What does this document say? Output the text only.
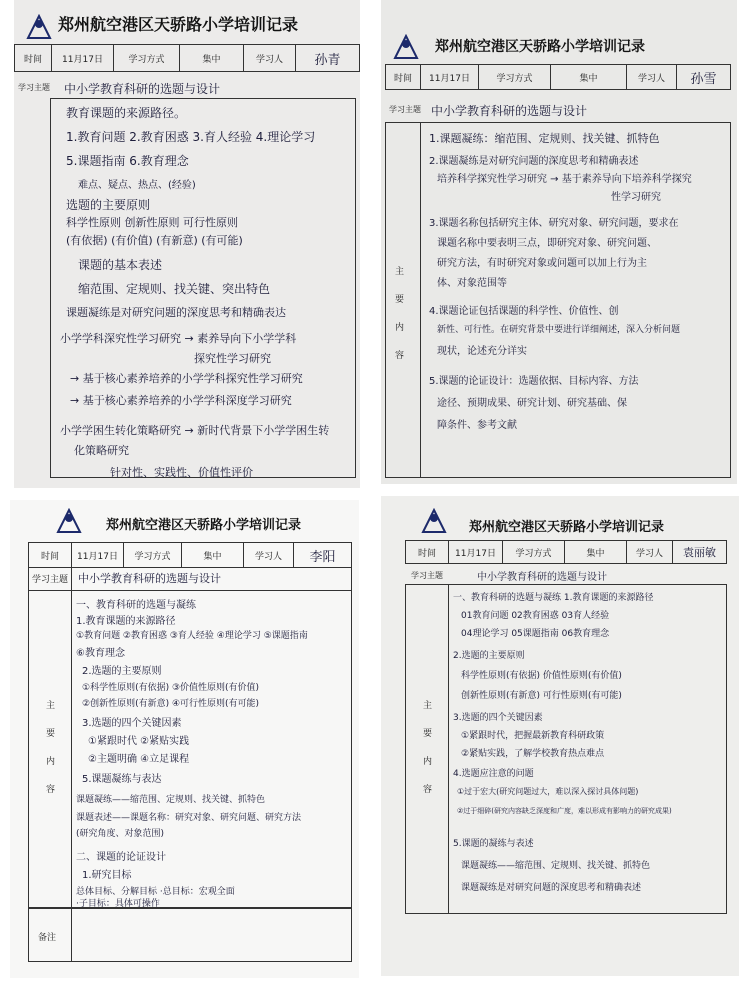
郑州航空港区天骄路小学培训记录
时间	11月17日	学习方式	集中	学习人	孙青
学习主题 中小学教育科研的选题与设计
教育课题的来源路径。
1.教育问题 2.教育困惑 3.育人经验 4.理论学习
5.课题指南 6.教育理念
难点、疑点、热点、(经验)
选题的主要原则
科学性原则 创新性原则 可行性原则
(有依据) (有价值) (有新意) (有可能)
课题的基本表述
缩范围、定规则、找关键、突出特色
课题凝练是对研究问题的深度思考和精确表达
小学学科深究性学习研究 → 素养导向下小学学科
探究性学习研究
→ 基于核心素养培养的小学学科探究性学习研究
→ 基于核心素养培养的小学学科深度学习研究
小学学困生转化策略研究 → 新时代背景下小学学困生转
化策略研究
针对性、实践性、价值性评价
郑州航空港区天骄路小学培训记录
时间	11月17日	学习方式	集中	学习人	孙雪
学习主题 中小学教育科研的选题与设计
主
要
内
容
1.课题凝练：缩范围、定规则、找关键、抓特色
2.课题凝练是对研究问题的深度思考和精确表述
培养科学探究性学习研究 → 基于素养导向下培养科学探究
性学习研究
3.课题名称包括研究主体、研究对象、研究问题，要求在
课题名称中要表明三点，即研究对象、研究问题、
研究方法，有时研究对象或问题可以加上行为主
体、对象范围等
4.课题论证包括课题的科学性、价值性、创
新性、可行性。在研究背景中要进行详细阐述，深入分析问题
现状，论述充分详实
5.课题的论证设计：选题依据、目标内容、方法
途径、预期成果、研究计划、研究基础、保
障条件、参考文献
郑州航空港区天骄路小学培训记录
时间	11月17日	学习方式	集中	学习人	李阳
学习主题 中小学教育科研的选题与设计
主
要
内
容
一、教育科研的选题与凝练
1.教育课题的来源路径
①教育问题 ②教育困惑 ③育人经验 ④理论学习 ⑤课题指南
⑥教育理念
2.选题的主要原则
①科学性原则(有依据) ③价值性原则(有价值)
②创新性原则(有新意) ④可行性原则(有可能)
3.选题的四个关键因素
①紧跟时代 ②紧贴实践
②主题明确 ④立足课程
5.课题凝练与表达
课题凝练——缩范围、定规则、找关键、抓特色
课题表述——课题名称：研究对象、研究问题、研究方法
(研究角度、对象范围)
二、课题的论证设计
1.研究目标
总体目标、分解目标 ·总目标：宏观全面
·子目标：具体可操作
备注
郑州航空港区天骄路小学培训记录
时间	11月17日	学习方式	集中	学习人	袁丽敏
学习主题	中小学教育科研的选题与设计
主
要
内
容
一、教育科研的选题与凝练 1.教育课题的来源路径
01教育问题 02教育困惑 03育人经验
04理论学习 05课题指南 06教育理念
2.选题的主要原则
科学性原则(有依据) 价值性原则(有价值)
创新性原则(有新意) 可行性原则(有可能)
3.选题的四个关键因素
①紧跟时代，把握最新教育科研政策
②紧贴实践，了解学校教育热点难点
4.选题应注意的问题
①过于宏大(研究问题过大，难以深入探讨具体问题)
②过于细碎(研究内容缺乏深度和广度，难以形成有影响力的研究成果)
5.课题的凝练与表述
课题凝练——缩范围、定规则、找关键、抓特色
课题凝练是对研究问题的深度思考和精确表述
